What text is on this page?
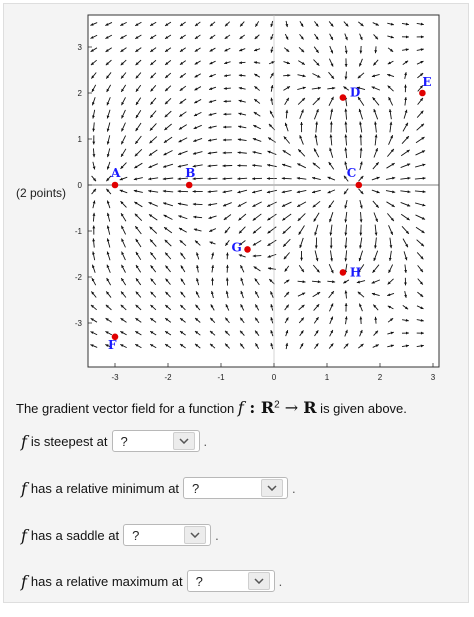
(2 points)
-3	-2	-1	0	1	2	3
3
2
1
0
-1
-2
-3
A	B	C
D
E
F
G
H
The gradient vector field for a function f : $R^2 \to R$ is given above.
f is steepest at ?	.
f has a relative minimum at ?	.
f has a saddle at ?	.
f has a relative maximum at ?	.
